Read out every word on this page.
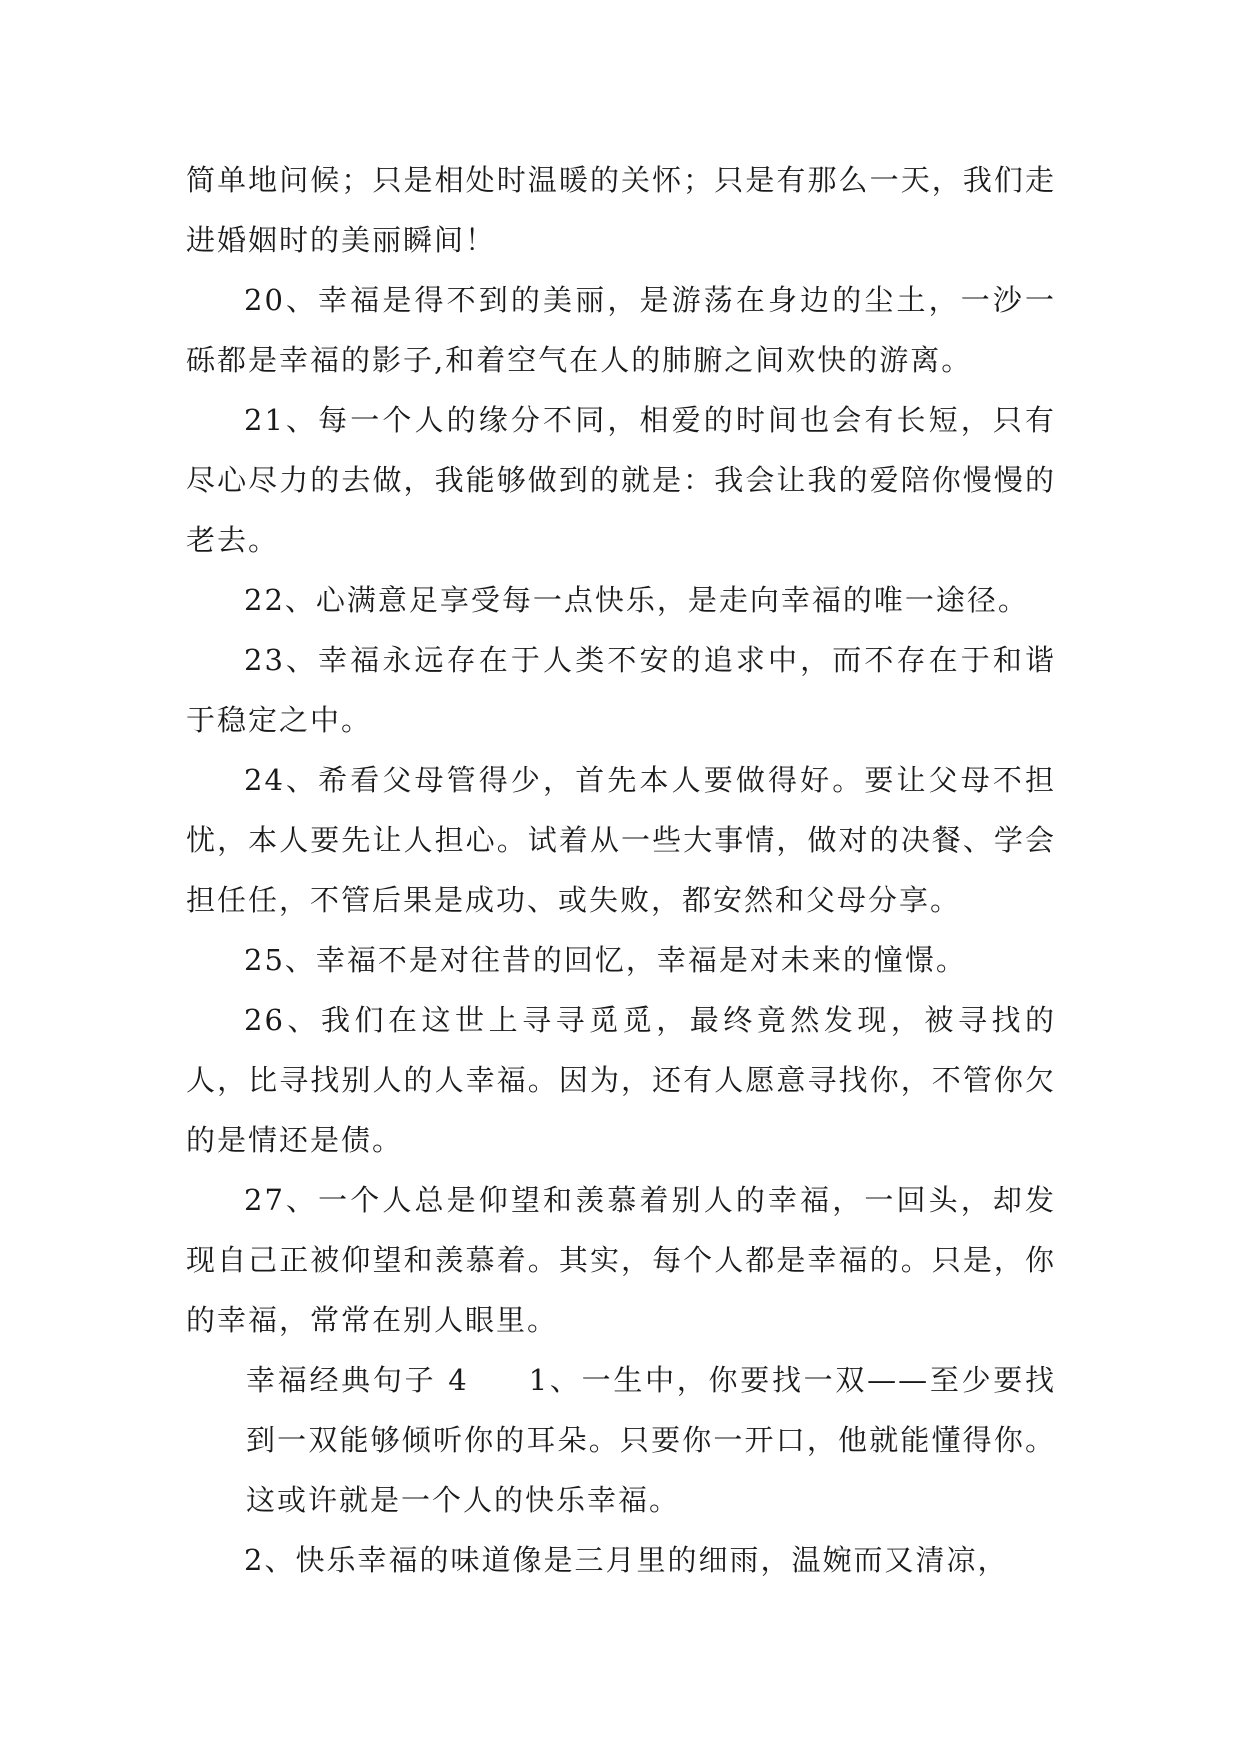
简单地问候；只是相处时温暖的关怀；只是有那么一天，我们走进婚姻时的美丽瞬间！

20、幸福是得不到的美丽，是游荡在身边的尘土，一沙一砾都是幸福的影子,和着空气在人的肺腑之间欢快的游离。

21、每一个人的缘分不同，相爱的时间也会有长短，只有尽心尽力的去做，我能够做到的就是：我会让我的爱陪你慢慢的老去。

22、心满意足享受每一点快乐，是走向幸福的唯一途径。

23、幸福永远存在于人类不安的追求中，而不存在于和谐于稳定之中。

24、希看父母管得少，首先本人要做得好。要让父母不担忧，本人要先让人担心。试着从一些大事情，做对的决餐、学会担任任，不管后果是成功、或失败，都安然和父母分享。

25、幸福不是对往昔的回忆，幸福是对未来的憧憬。

26、我们在这世上寻寻觅觅，最终竟然发现，被寻找的人，比寻找别人的人幸福。因为，还有人愿意寻找你，不管你欠的是情还是债。

27、一个人总是仰望和羡慕着别人的幸福，一回头，却发现自己正被仰望和羡慕着。其实，每个人都是幸福的。只是，你的幸福，常常在别人眼里。

幸福经典句子 4 1、一生中，你要找一双——至少要找到一双能够倾听你的耳朵。只要你一开口，他就能懂得你。这或许就是一个人的快乐幸福。

2、快乐幸福的味道像是三月里的细雨，温婉而又清凉，
